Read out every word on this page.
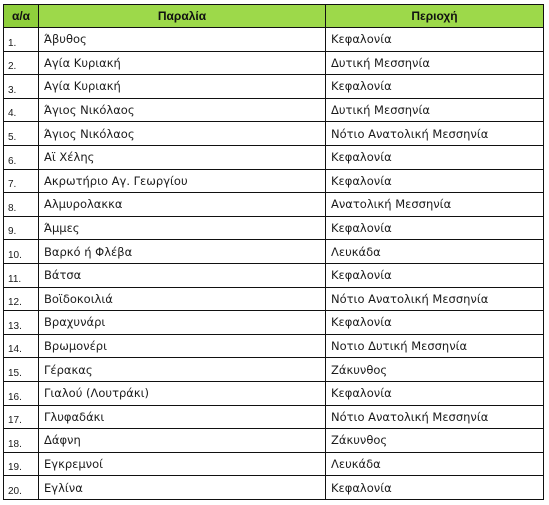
α/α	Παραλία	Περιοχή
1.	Άβυθος	Κεφαλονία
2.	Αγία Κυριακή	Δυτική Μεσσηνία
3.	Αγία Κυριακή	Κεφαλονία
4.	Άγιος Νικόλαος	Δυτική Μεσσηνία
5.	Άγιος Νικόλαος	Νότιο Ανατολική Μεσσηνία
6.	Αϊ Χέλης	Κεφαλονία
7.	Ακρωτήριο Αγ. Γεωργίου	Κεφαλονία
8.	Αλμυρολακκα	Ανατολική Μεσσηνία
9.	Άμμες	Κεφαλονία
10.	Βαρκό ή Φλέβα	Λευκάδα
11.	Βάτσα	Κεφαλονία
12.	Βοϊδοκοιλιά	Νότιο Ανατολική Μεσσηνία
13.	Βραχυνάρι	Κεφαλονία
14.	Βρωμονέρι	Νοτιο Δυτική Μεσσηνία
15.	Γέρακας	Ζάκυνθος
16.	Γιαλού (Λουτράκι)	Κεφαλονία
17.	Γλυφαδάκι	Νότιο Ανατολική Μεσσηνία
18.	Δάφνη	Ζάκυνθος
19.	Εγκρεμνοί	Λευκάδα
20.	Εγλίνα	Κεφαλονία
